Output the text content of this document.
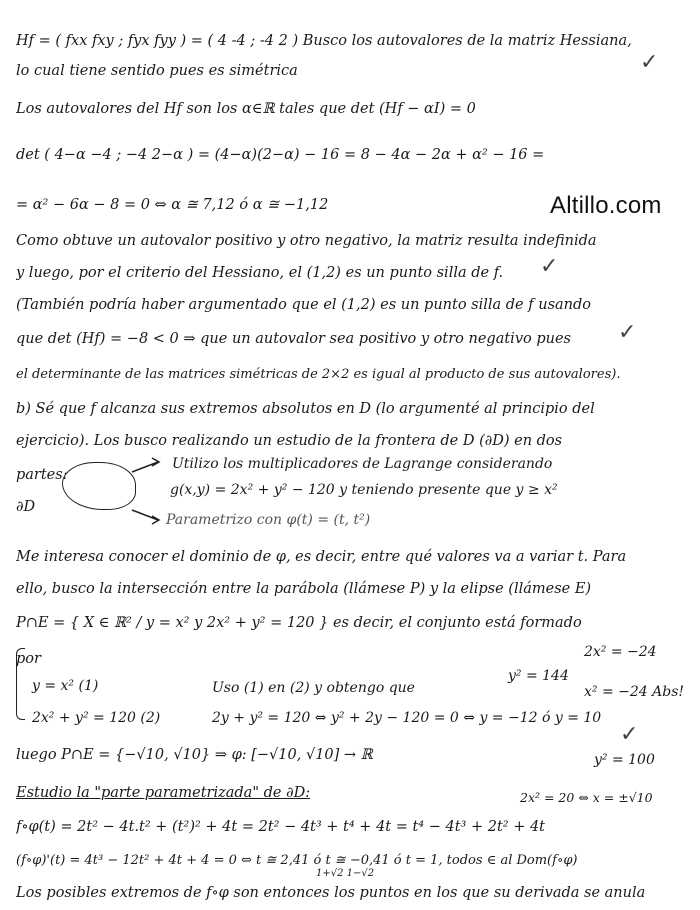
Altillo.com
Hf = ( fxx fxy ; fyx fyy ) = ( 4 -4 ; -4 2 ) Busco los autovalores de la matriz Hessiana,
lo cual tiene sentido pues es simétrica
Los autovalores del Hf son los α∈ℝ tales que det (Hf − αI) = 0
det ( 4−α −4 ; −4 2−α ) = (4−α)(2−α) − 16 = 8 − 4α − 2α + α² − 16 =
= α² − 6α − 8 = 0 ⇔ α ≅ 7,12 ó α ≅ −1,12
Como obtuve un autovalor positivo y otro negativo, la matriz resulta indefinida
y luego, por el criterio del Hessiano, el (1,2) es un punto silla de f.
(También podría haber argumentado que el (1,2) es un punto silla de f usando
que det (Hf) = −8 < 0 ⇒ que un autovalor sea positivo y otro negativo pues
el determinante de las matrices simétricas de 2×2 es igual al producto de sus autovalores).
b) Sé que f alcanza sus extremos absolutos en D (lo argumenté al principio del
ejercicio). Los busco realizando un estudio de la frontera de D (∂D) en dos
partes:
∂D
Utilizo los multiplicadores de Lagrange considerando
g(x,y) = 2x² + y² − 120 y teniendo presente que y ≥ x²
Parametrizo con φ(t) = (t, t²)
Me interesa conocer el dominio de φ, es decir, entre qué valores va a variar t. Para
ello, busco la intersección entre la parábola (llámese P) y la elipse (llámese E)
P∩E = { X ∈ ℝ² / y = x² y 2x² + y² = 120 } es decir, el conjunto está formado
por
y = x² (1)
2x² + y² = 120 (2)
Uso (1) en (2) y obtengo que
2y + y² = 120 ⇔ y² + 2y − 120 = 0 ⇔ y = −12 ó y = 10
y² = 144
2x² = −24
x² = −24 Abs!
y² = 100
2x² = 20 ⇔ x = ±√10
luego P∩E = {−√10, √10} ⇒ φ: [−√10, √10] → ℝ
Estudio la "parte parametrizada" de ∂D:
f∘φ(t) = 2t² − 4t.t² + (t²)² + 4t = 2t² − 4t³ + t⁴ + 4t = t⁴ − 4t³ + 2t² + 4t
(f∘φ)'(t) = 4t³ − 12t² + 4t + 4 = 0 ⇔ t ≅ 2,41 ó t ≅ −0,41 ó t = 1, todos ∈ al Dom(f∘φ)
1+√2 1−√2
Los posibles extremos de f∘φ son entonces los puntos en los que su derivada se anula
✓
✓
✓
✓
